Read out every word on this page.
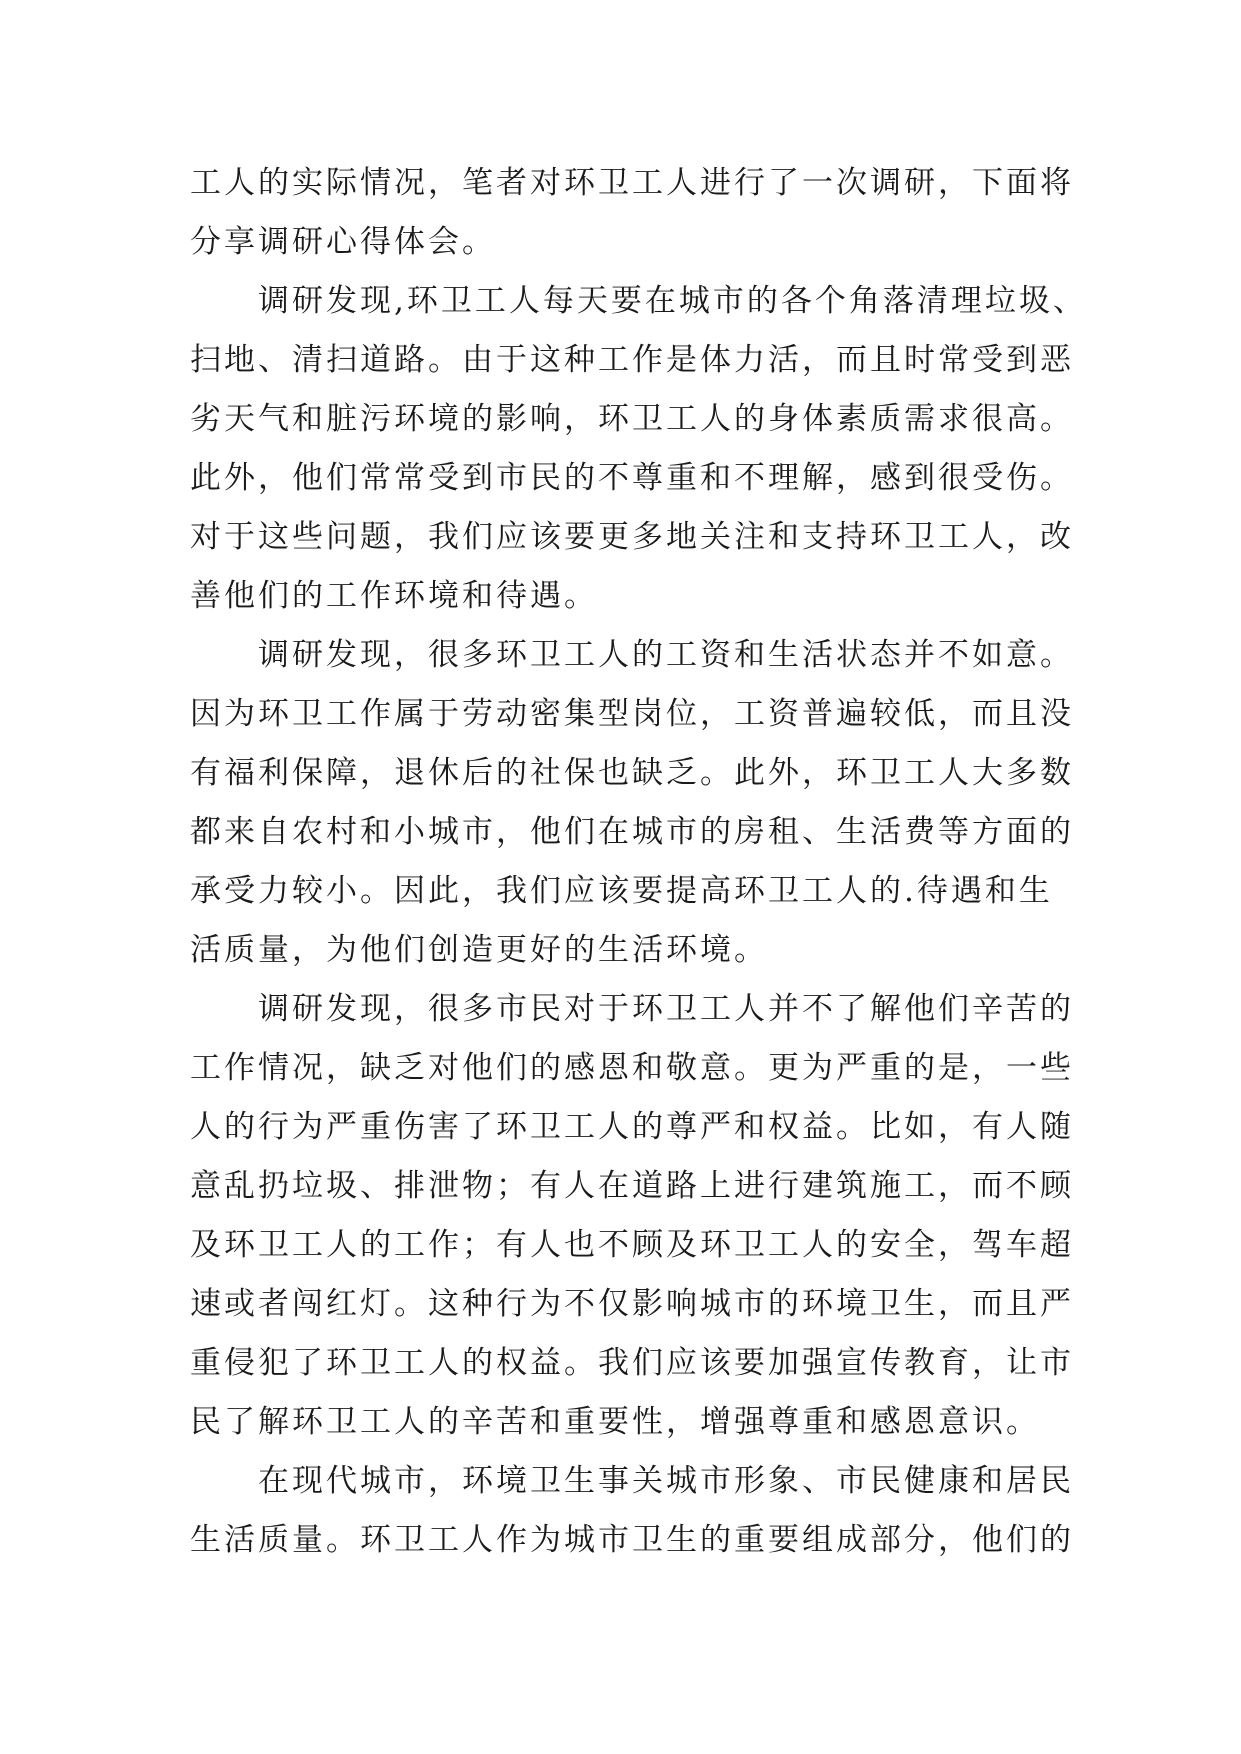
工人的实际情况，笔者对环卫工人进行了一次调研，下面将
分享调研心得体会。
　　调研发现,环卫工人每天要在城市的各个角落清理垃圾、
扫地、清扫道路。由于这种工作是体力活，而且时常受到恶
劣天气和脏污环境的影响，环卫工人的身体素质需求很高。
此外，他们常常受到市民的不尊重和不理解，感到很受伤。
对于这些问题，我们应该要更多地关注和支持环卫工人，改
善他们的工作环境和待遇。
　　调研发现，很多环卫工人的工资和生活状态并不如意。
因为环卫工作属于劳动密集型岗位，工资普遍较低，而且没
有福利保障，退休后的社保也缺乏。此外，环卫工人大多数
都来自农村和小城市，他们在城市的房租、生活费等方面的
承受力较小。因此，我们应该要提高环卫工人的.待遇和生
活质量，为他们创造更好的生活环境。
　　调研发现，很多市民对于环卫工人并不了解他们辛苦的
工作情况，缺乏对他们的感恩和敬意。更为严重的是，一些
人的行为严重伤害了环卫工人的尊严和权益。比如，有人随
意乱扔垃圾、排泄物；有人在道路上进行建筑施工，而不顾
及环卫工人的工作；有人也不顾及环卫工人的安全，驾车超
速或者闯红灯。这种行为不仅影响城市的环境卫生，而且严
重侵犯了环卫工人的权益。我们应该要加强宣传教育，让市
民了解环卫工人的辛苦和重要性，增强尊重和感恩意识。
　　在现代城市，环境卫生事关城市形象、市民健康和居民
生活质量。环卫工人作为城市卫生的重要组成部分，他们的
